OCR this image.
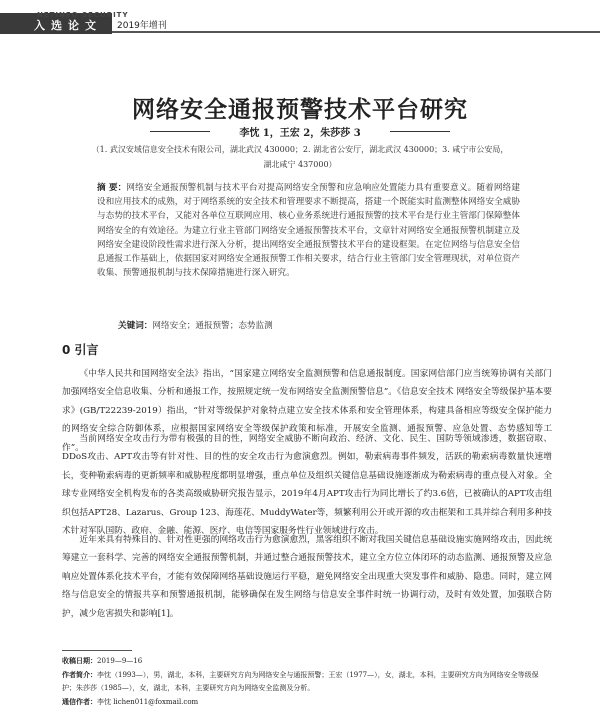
NETINFO SECURITY
入选论文 2019年增刊
网络安全通报预警技术平台研究
李忱 1，王宏 2，朱莎莎 3
（1. 武汉安域信息安全技术有限公司，湖北武汉 430000；2. 湖北省公安厅，湖北武汉 430000；3. 咸宁市公安局，
湖北咸宁 437000）
摘 要：网络安全通报预警机制与技术平台对提高网络安全预警和应急响应处置能力具有重要意义。随着网络建设和应用技术的成熟，对于网络系统的安全技术和管理要求不断提高，搭建一个既能实时监测整体网络安全威胁与态势的技术平台，又能对各单位互联网应用、核心业务系统进行通报预警的技术平台是行业主管部门保障整体网络安全的有效途径。为建立行业主管部门网络安全通报预警技术平台，文章针对网络安全通报预警机制建立及网络安全建设阶段性需求进行深入分析，提出网络安全通报预警技术平台的建设框架。在定位网络与信息安全信息通报工作基础上，依据国家对网络安全通报预警工作相关要求，结合行业主管部门安全管理现状，对单位资产收集、预警通报机制与技术保障措施进行深入研究。
关键词：网络安全；通报预警；态势监测
0 引言

《中华人民共和国网络安全法》指出，“国家建立网络安全监测预警和信息通报制度。国家网信部门应当统筹协调有关部门加强网络安全信息收集、分析和通报工作，按照规定统一发布网络安全监测预警信息”。《信息安全技术 网络安全等级保护基本要求》(GB/T22239-2019）指出，“针对等级保护对象特点建立安全技术体系和安全管理体系，构建具备相应等级安全保护能力的网络安全综合防御体系，应根据国家网络安全等级保护政策和标准，开展安全监测、通报预警、应急处置、态势感知等工作”。

当前网络安全攻击行为带有极强的目的性，网络安全威胁不断向政治、经济、文化、民生、国防等领域渗透，数据窃取、DDoS攻击、APT攻击等有针对性、目的性的安全攻击行为愈演愈烈。例如，勒索病毒事件频发，活跃的勒索病毒数量快速增长，变种勒索病毒的更新频率和威胁程度都明显增强，重点单位及组织关键信息基础设施逐渐成为勒索病毒的重点侵入对象。全球专业网络安全机构发布的各类高级威胁研究报告显示，2019年4月APT攻击行为同比增长了约3.6倍，已被确认的APT攻击组织包括APT28、Lazarus、Group 123、海莲花、MuddyWater等，频繁利用公开或开源的攻击框架和工具并综合利用多种技术针对军队国防、政府、金融、能源、医疗、电信等国家服务性行业领域进行攻击。

近年来具有特殊目的、针对性更强的网络攻击行为愈演愈烈，黑客组织不断对我国关键信息基础设施实施网络攻击，因此统筹建立一套科学、完善的网络安全通报预警机制，并通过整合通报预警技术，建立全方位立体闭环的动态监测、通报预警及应急响应处置体系化技术平台，才能有效保障网络基础设施运行平稳，避免网络安全出现重大突发事件和威胁、隐患。同时，建立网络与信息安全的情报共享和预警通报机制，能够确保在发生网络与信息安全事件时统一协调行动，及时有效处置，加强联合防护，减少危害损失和影响[1]。

收稿日期：2019—9—16
作者简介：李忱（1993—），男，湖北，本科，主要研究方向为网络安全与通报预警；王宏（1977—），女，湖北，本科，主要研究方向为网络安全等级保护；朱莎莎（1985—），女，湖北，本科，主要研究方向为网络安全监测及分析。
通信作者：李忱 lichen011@foxmail.com
